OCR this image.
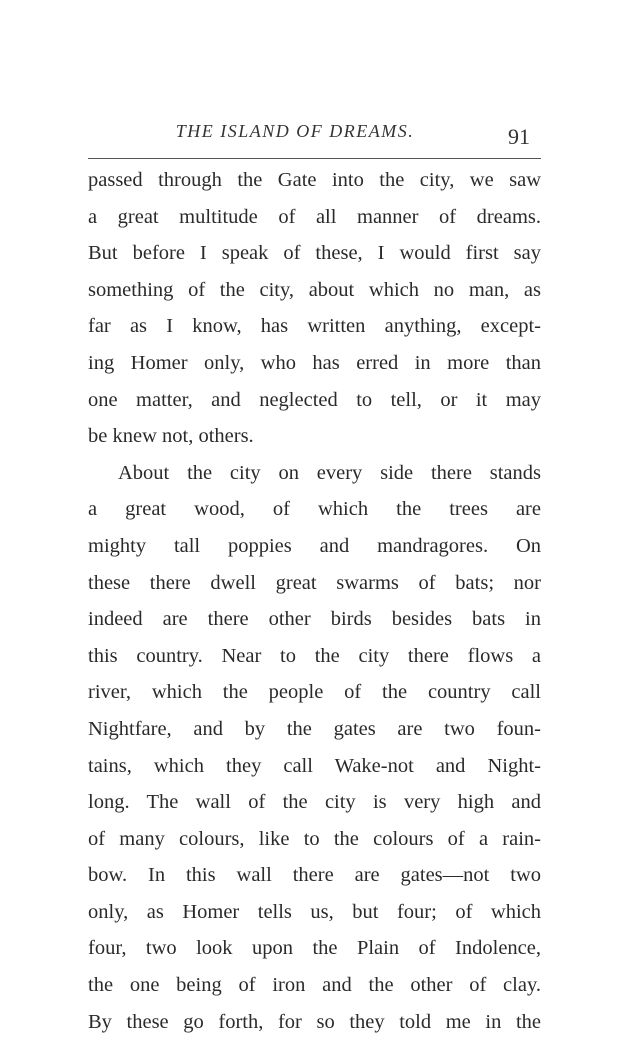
THE ISLAND OF DREAMS.	91
passed through the Gate into the city, we saw
a great multitude of all manner of dreams.
But before I speak of these, I would first say
something of the city, about which no man, as
far as I know, has written anything, except-
ing Homer only, who has erred in more than
one matter, and neglected to tell, or it may
be knew not, others.
About the city on every side there stands
a great wood, of which the trees are
mighty tall poppies and mandragores. On
these there dwell great swarms of bats; nor
indeed are there other birds besides bats in
this country. Near to the city there flows a
river, which the people of the country call
Nightfare, and by the gates are two foun-
tains, which they call Wake-not and Night-
long. The wall of the city is very high and
of many colours, like to the colours of a rain-
bow. In this wall there are gates—not two
only, as Homer tells us, but four; of which
four, two look upon the Plain of Indolence,
the one being of iron and the other of clay.
By these go forth, for so they told me in the
